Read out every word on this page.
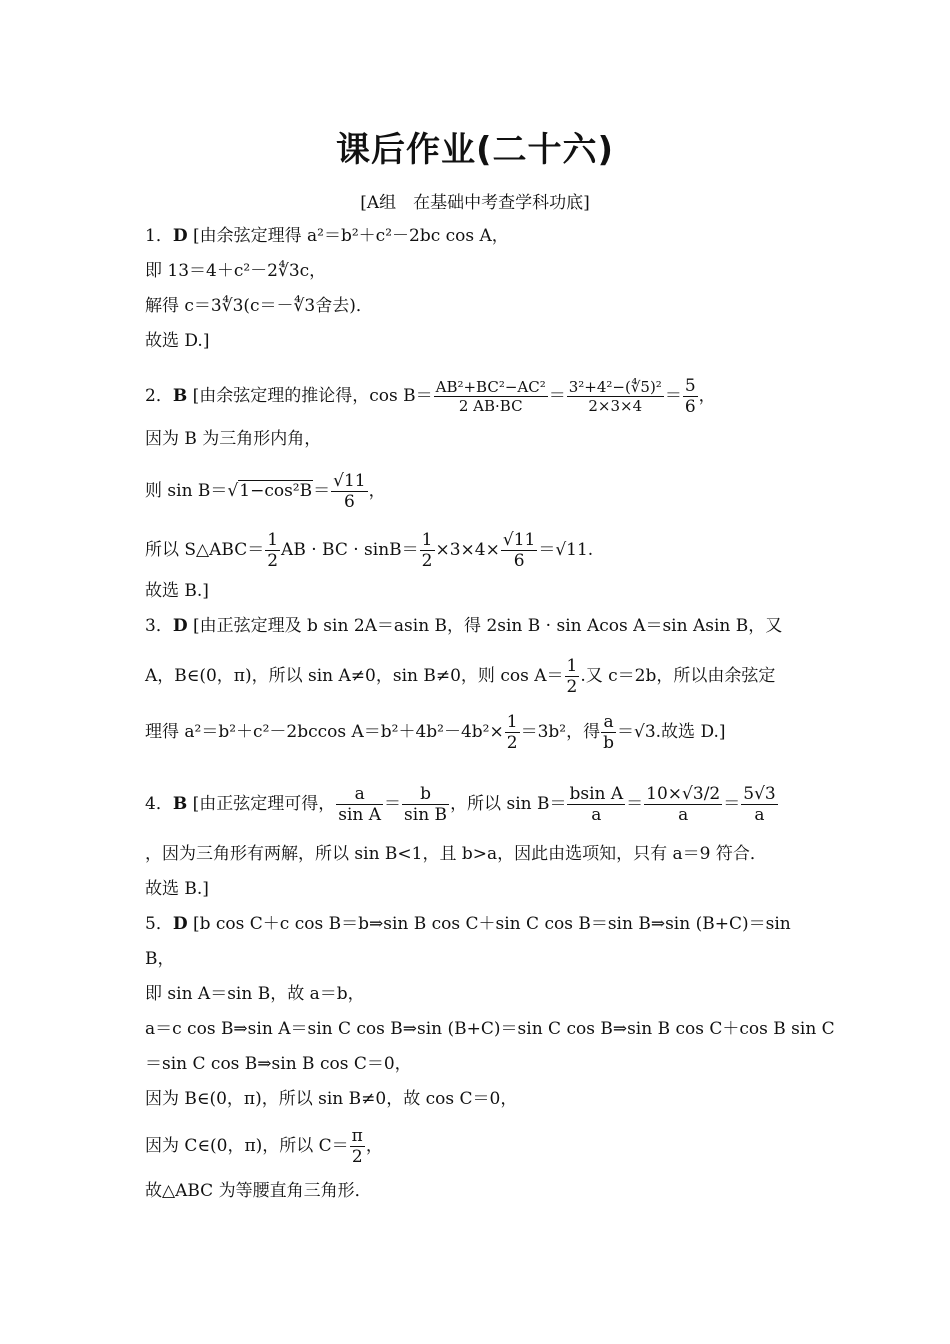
课后作业(二十六)
[A组　在基础中考查学科功底]
1．D [由余弦定理得 a²＝b²＋c²－2bc cos A，
即 13＝4＋c²－2∜3c，
解得 c＝3∜3(c＝－∜3舍去)．
故选 D.]
2．B [由余弦定理的推论得，$\cos B= \frac{\text{AB²+BC²−AC²}}{2 AB\cdot BC} = \frac{\text{3²+4²−(∜5)²}}{2\times 3\times 4} = \frac{5}{6}$ ，
因为 B 为三角形内角，
则 $\sin B=√1-\cos^2B= \frac{√11}{6}$ ，
所以 S△ABC＝ $\frac{1}{2}$ AB · BC · $\sin B= \frac{1}{2} \times 3\times 4\times \frac{√11}{6} =√11$.
故选 B.]
3．D [由正弦定理及 b sin 2A＝asin B，得 2sin B · sin Acos A＝sin Asin B，又
A，B∈(0，π)，所以 sin A≠0，sin B≠0，则 $\cos A= \frac{1}{2}$ .又 c＝2b，所以由余弦定
理得 a²＝b²＋c²－2bccos $A=b^2+4b^2-4b^2\times \frac{1}{2} =3b^2$，得 $\frac{a}{b} =√3$.故选 D.]
4．B [由正弦定理可得， $\frac{a}{\text{sin A}} = \frac{b}{\text{sin B}}$ ，所以 $\sin B= \frac{\text{bsin A}}{a} = \frac{10\times√3/2}{a} = \frac{5√3}{a}$
，因为三角形有两解，所以 sin B<1，且 b>a，因此由选项知，只有 a＝9 符合．
故选 B.]
5．D [b cos C＋c cos B＝b⇒sin B cos C＋sin C cos B＝sin B⇒sin (B+C)＝sin
B，
即 sin A＝sin B，故 a＝b，
a＝c cos B⇒sin A＝sin C cos B⇒sin (B+C)＝sin C cos B⇒sin B cos C＋cos B sin C
＝sin C cos B⇒sin B cos C＝0，
因为 B∈(0，π)，所以 sin B≠0，故 cos C＝0，
因为 C∈(0，π)，所以 $C= \frac{\pi}{2}$ ，
故△ABC 为等腰直角三角形．
